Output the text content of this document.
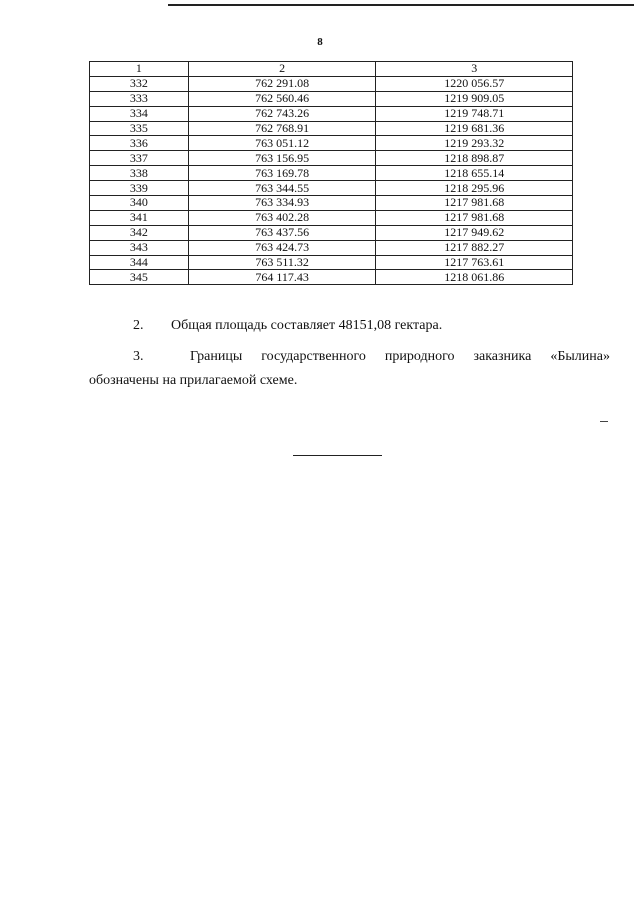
8
1	2	3
332	762 291.08	1220 056.57
333	762 560.46	1219 909.05
334	762 743.26	1219 748.71
335	762 768.91	1219 681.36
336	763 051.12	1219 293.32
337	763 156.95	1218 898.87
338	763 169.78	1218 655.14
339	763 344.55	1218 295.96
340	763 334.93	1217 981.68
341	763 402.28	1217 981.68
342	763 437.56	1217 949.62
343	763 424.73	1217 882.27
344	763 511.32	1217 763.61
345	764 117.43	1218 061.86
2. Общая площадь составляет 48151,08 гектара.
3.	Границы государственного природного заказника «Былина»
обозначены на прилагаемой схеме.
